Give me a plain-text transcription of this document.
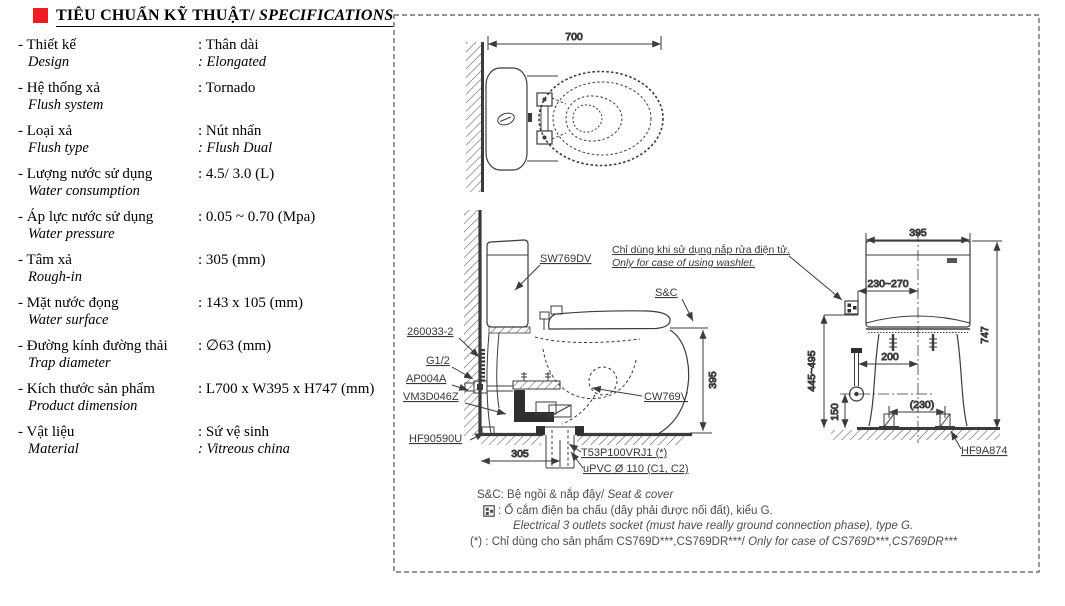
TIÊU CHUẨN KỸ THUẬT/ SPECIFICATIONS
- Thiết kế
Design
: Thân dài
: Elongated
- Hệ thống xả
Flush system
: Tornado
- Loại xả
Flush type
: Nút nhấn
: Flush Dual
- Lượng nước sử dụng
Water consumption
: 4.5/ 3.0 (L)
- Áp lực nước sử dụng
Water pressure
: 0.05 ~ 0.70 (Mpa)
- Tâm xả
Rough-in
: 305 (mm)
- Mặt nước đọng
Water surface
: 143 x 105 (mm)
- Đường kính đường thải
Trap diameter
: ∅63 (mm)
- Kích thước sản phẩm
Product dimension
: L700 x W395 x H747 (mm)
- Vật liệu
Material
: Sứ vệ sinh
: Vitreous china
700
305
395
SW769DV
S&C
CW769V
260033-2
G1/2
AP004A
VM3D046Z
HF90590U
T53P100VRJ1 (*)
uPVC Ø 110 (C1, C2)
395
747
230~270
445~495	200
150	(230)
HF9A874
Chỉ dùng khi sử dụng nắp rửa điện tử.
Only for case of using washlet.
S&C: Bệ ngồi & nắp đậy/ Seat & cover
: Ổ cắm điện ba chấu (dây phải được nối đất), kiểu G.
Electrical 3 outlets socket (must have really ground connection phase), type G.
(*) : Chỉ dùng cho sản phẩm CS769D***,CS769DR***/ Only for case of CS769D***,CS769DR***
